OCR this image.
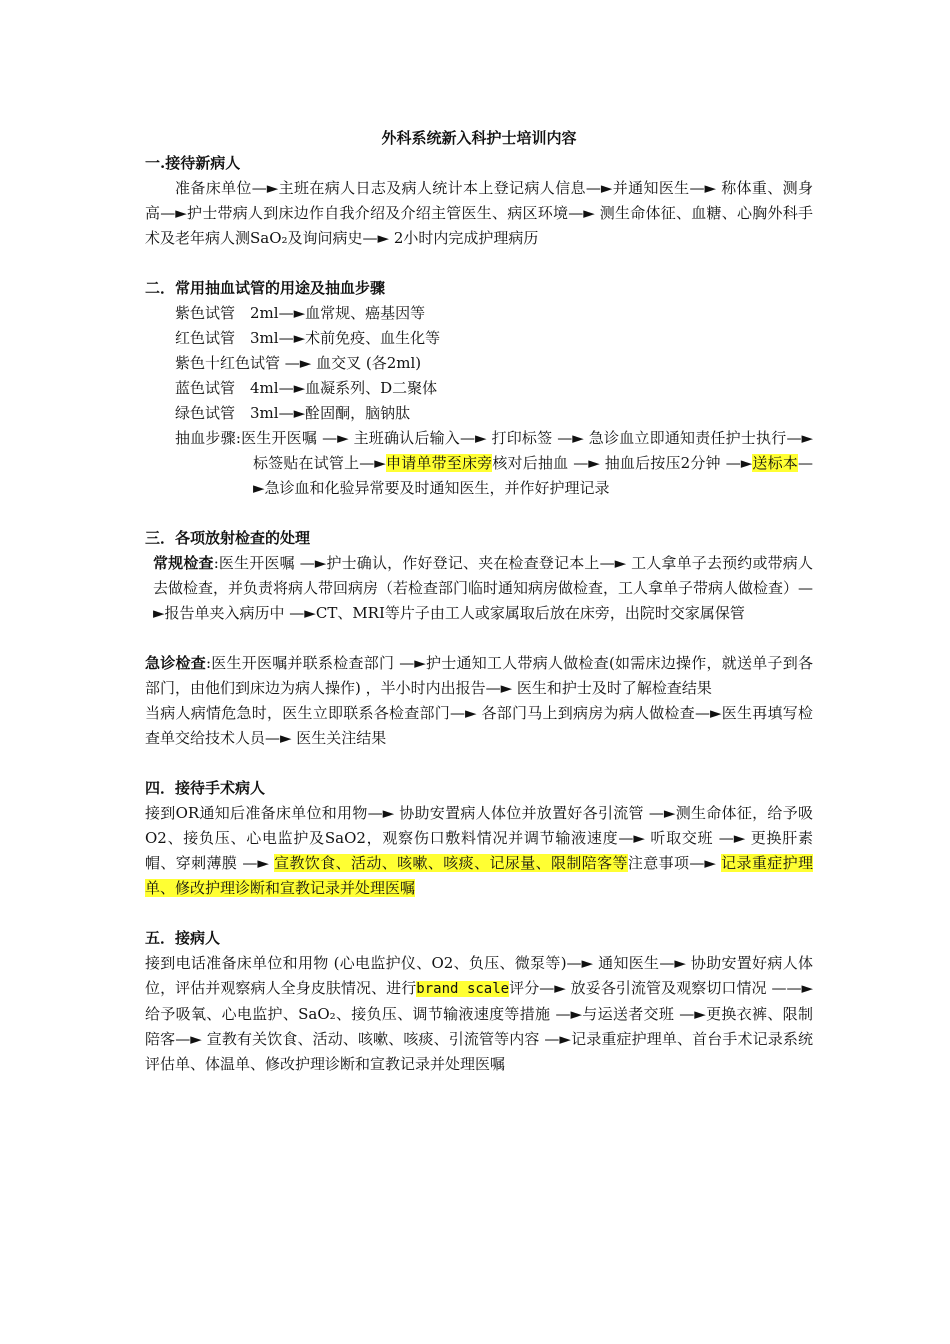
外科系统新入科护士培训内容

一.接待新病人

准备床单位—►主班在病人日志及病人统计本上登记病人信息—►并通知医生—► 称体重、测身高—►护士带病人到床边作自我介绍及介绍主管医生、病区环境—► 测生命体征、血糖、心胸外科手术及老年病人测SaO₂及询问病史—► 2小时内完成护理病历

二．常用抽血试管的用途及抽血步骤

紫色试管　2ml—►血常规、癌基因等

红色试管　3ml—►术前免疫、血生化等

紫色十红色试管 —► 血交叉 (各2ml)

蓝色试管　4ml—►血凝系列、D二聚体

绿色试管　3ml—►酫固酮，脑钠肽

抽血步骤:医生开医嘱 —► 主班确认后输入—► 打印标签 —► 急诊血立即通知责任护士执行—► 标签贴在试管上—►申请单带至床旁核对后抽血 —► 抽血后按压2分钟 —►送标本—►急诊血和化验异常要及时通知医生，并作好护理记录

三．各项放射检查的处理

常规检查:医生开医嘱 —►护士确认，作好登记、夹在检查登记本上—► 工人拿单子去预约或带病人去做检查，并负责将病人带回病房（若检查部门临时通知病房做检查，工人拿单子带病人做检查）—►报告单夹入病历中 —►CT、MRI等片子由工人或家属取后放在床旁，出院时交家属保管

急诊检查:医生开医嘱并联系检查部门 —►护士通知工人带病人做检查(如需床边操作，就送单子到各部门，由他们到床边为病人操作) ，半小时内出报告—► 医生和护士及时了解检查结果

当病人病情危急时，医生立即联系各检查部门—► 各部门马上到病房为病人做检查—►医生再填写检查单交给技术人员—► 医生关注结果

四．接待手术病人

接到OR通知后准备床单位和用物—► 协助安置病人体位并放置好各引流管 —►测生命体征，给予吸O2、接负压、心电监护及SaO2，观察伤口敷料情况并调节输液速度—► 听取交班 —► 更换肝素帽、穿刺薄膜 —► 宣教饮食、活动、咳嗽、咳痰、记尿量、限制陪客等注意事项—► 记录重症护理单、修改护理诊断和宣教记录并处理医嘱

五．接病人

接到电话准备床单位和用物 (心电监护仪、O2、负压、微泵等)—► 通知医生—► 协助安置好病人体位，评估并观察病人全身皮肤情况、进行brand scale评分—► 放妥各引流管及观察切口情况 ——►给予吸氧、心电监护、SaO₂、接负压、调节输液速度等措施 —►与运送者交班 —►更换衣裤、限制陪客—► 宣教有关饮食、活动、咳嗽、咳痰、引流管等内容 —►记录重症护理单、首台手术记录系统评估单、体温单、修改护理诊断和宣教记录并处理医嘱
